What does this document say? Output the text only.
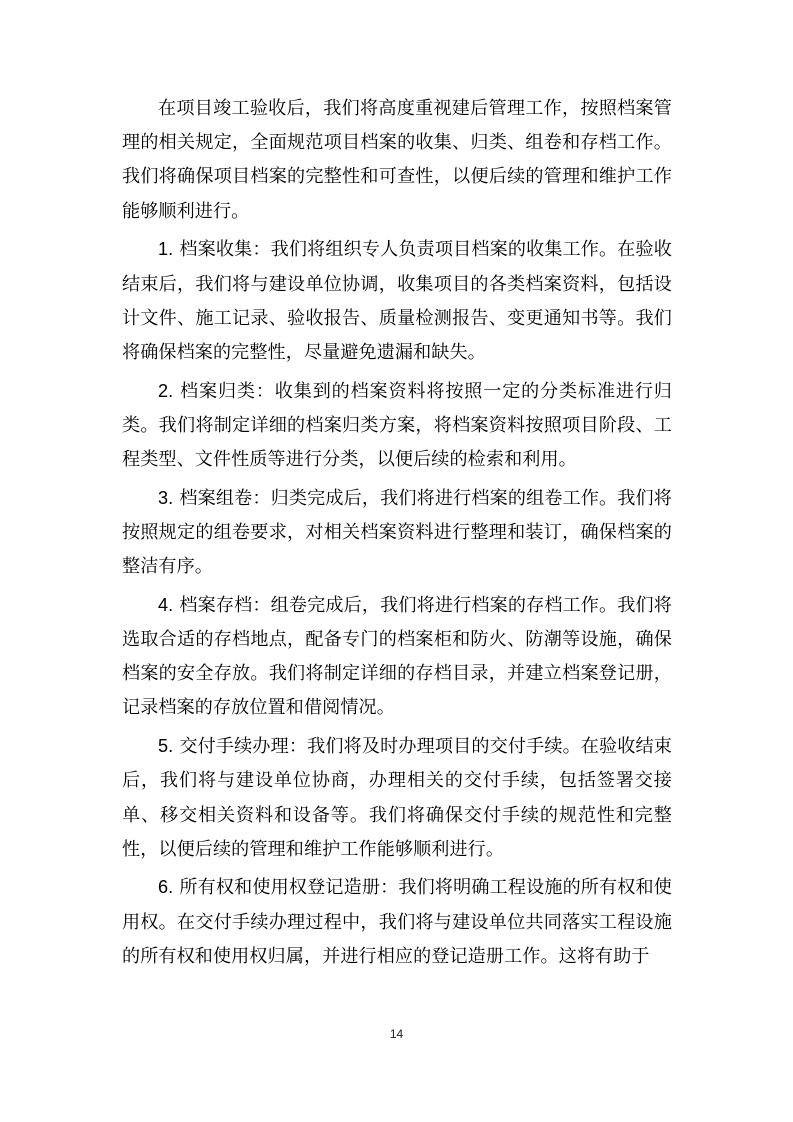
在项目竣工验收后，我们将高度重视建后管理工作，按照档案管理的相关规定，全面规范项目档案的收集、归类、组卷和存档工作。我们将确保项目档案的完整性和可查性，以便后续的管理和维护工作能够顺利进行。

1. 档案收集：我们将组织专人负责项目档案的收集工作。在验收结束后，我们将与建设单位协调，收集项目的各类档案资料，包括设计文件、施工记录、验收报告、质量检测报告、变更通知书等。我们将确保档案的完整性，尽量避免遗漏和缺失。

2. 档案归类：收集到的档案资料将按照一定的分类标准进行归类。我们将制定详细的档案归类方案，将档案资料按照项目阶段、工程类型、文件性质等进行分类，以便后续的检索和利用。

3. 档案组卷：归类完成后，我们将进行档案的组卷工作。我们将按照规定的组卷要求，对相关档案资料进行整理和装订，确保档案的整洁有序。

4. 档案存档：组卷完成后，我们将进行档案的存档工作。我们将选取合适的存档地点，配备专门的档案柜和防火、防潮等设施，确保档案的安全存放。我们将制定详细的存档目录，并建立档案登记册，记录档案的存放位置和借阅情况。

5. 交付手续办理：我们将及时办理项目的交付手续。在验收结束后，我们将与建设单位协商，办理相关的交付手续，包括签署交接单、移交相关资料和设备等。我们将确保交付手续的规范性和完整性，以便后续的管理和维护工作能够顺利进行。

6. 所有权和使用权登记造册：我们将明确工程设施的所有权和使用权。在交付手续办理过程中，我们将与建设单位共同落实工程设施的所有权和使用权归属，并进行相应的登记造册工作。这将有助于

14
